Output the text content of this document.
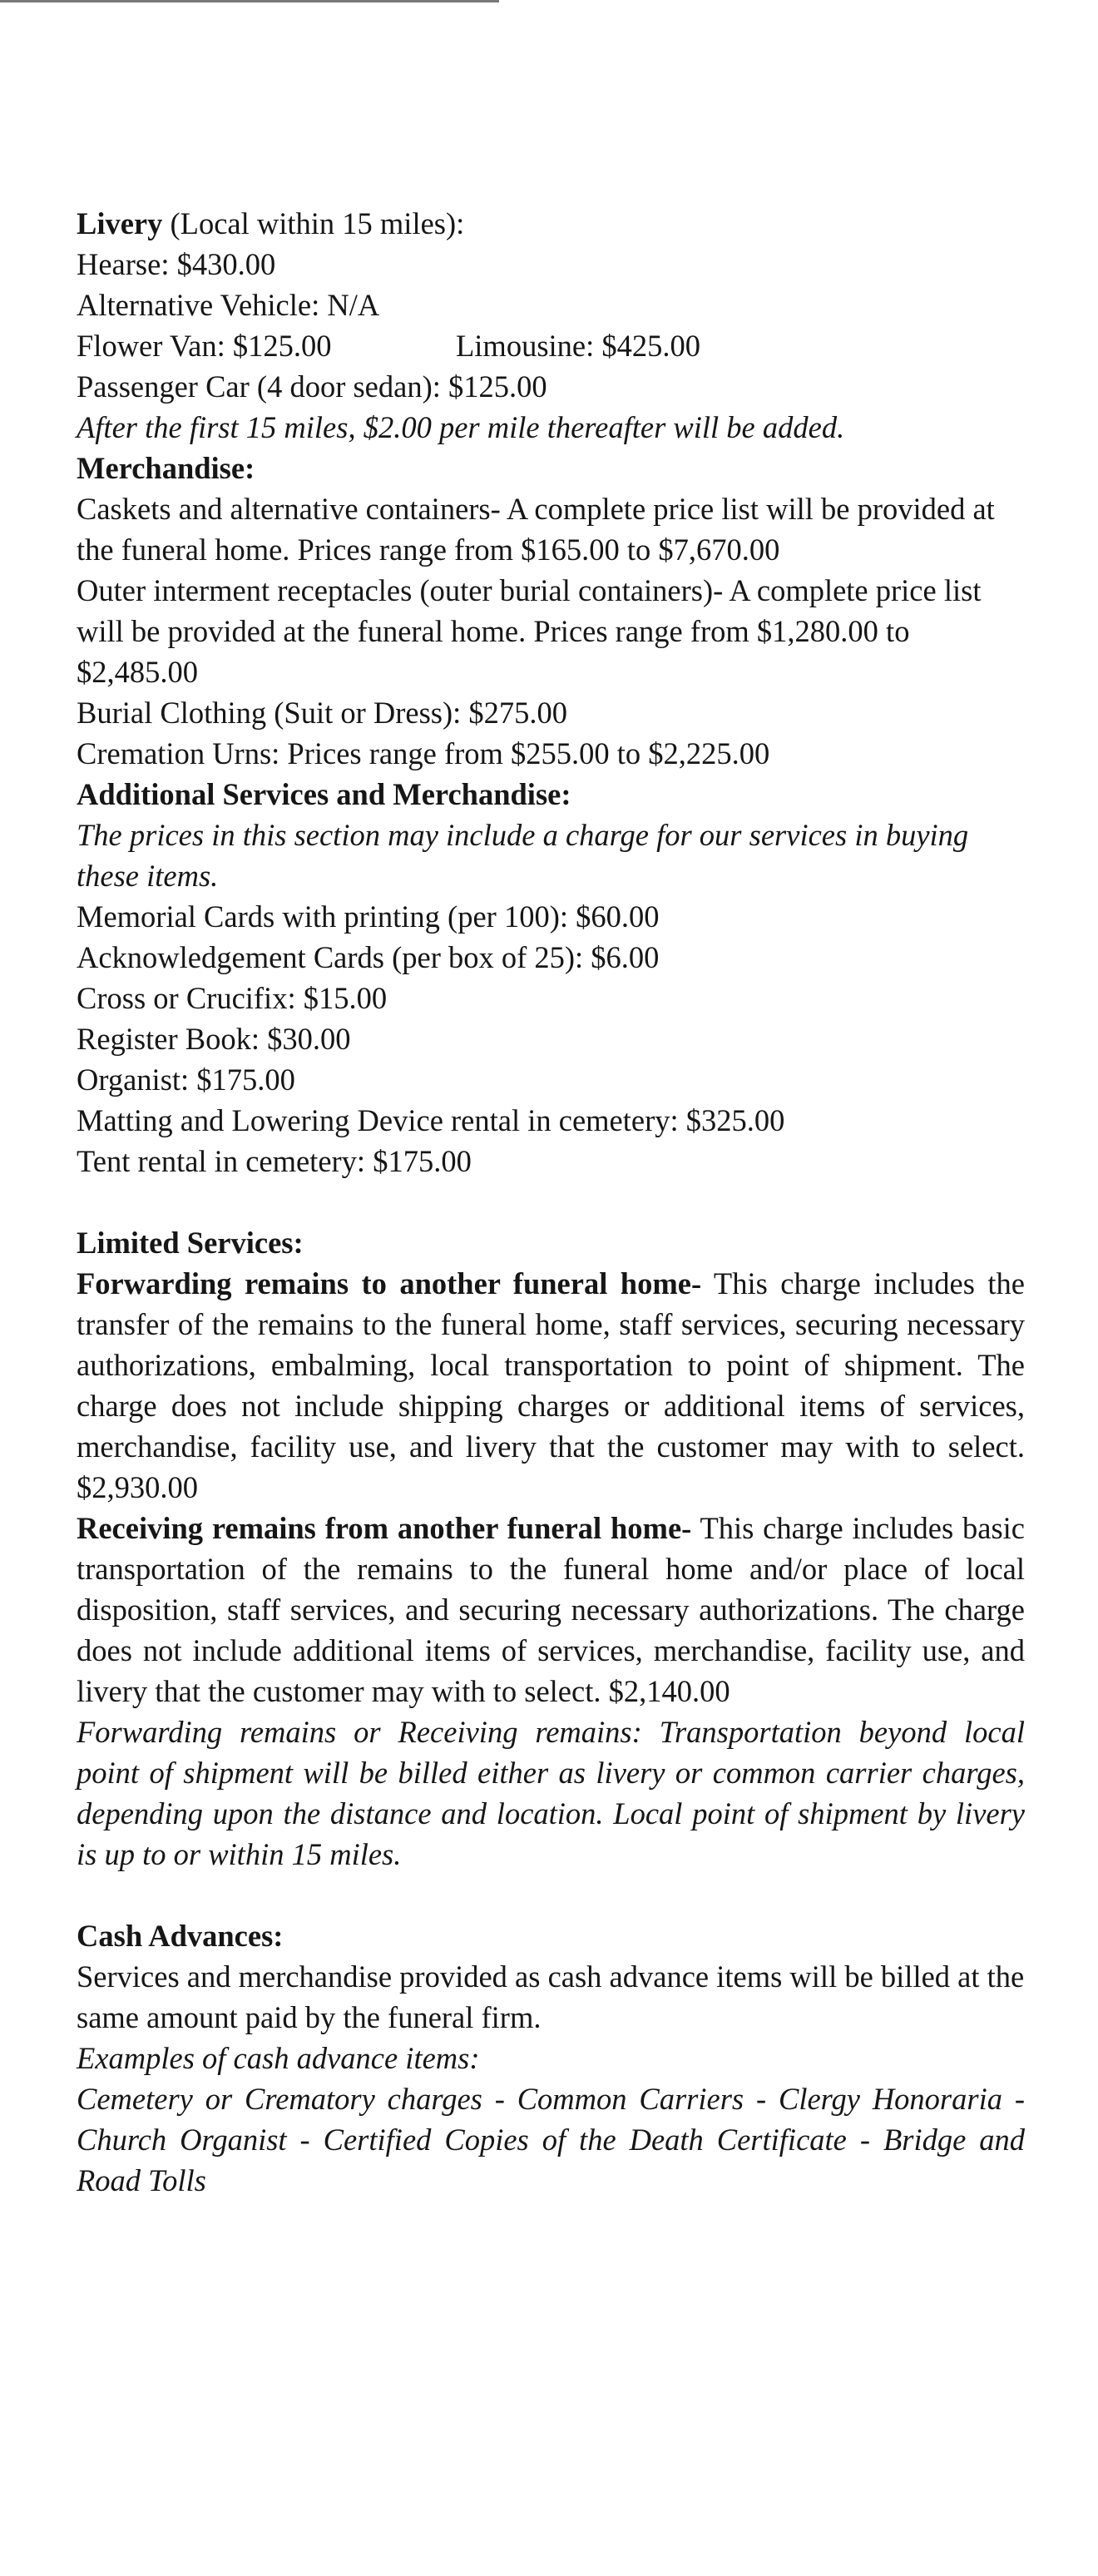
Livery (Local within 15 miles):

Hearse: $430.00

Alternative Vehicle: N/A

Flower Van: $125.00	Limousine: $425.00

Passenger Car (4 door sedan): $125.00

After the first 15 miles, $2.00 per mile thereafter will be added.

Merchandise:

Caskets and alternative containers- A complete price list will be provided at the funeral home. Prices range from $165.00 to $7,670.00

Outer interment receptacles (outer burial containers)- A complete price list will be provided at the funeral home. Prices range from $1,280.00 to $2,485.00

Burial Clothing (Suit or Dress): $275.00

Cremation Urns: Prices range from $255.00 to $2,225.00

Additional Services and Merchandise:

The prices in this section may include a charge for our services in buying these items.

Memorial Cards with printing (per 100): $60.00

Acknowledgement Cards (per box of 25): $6.00

Cross or Crucifix: $15.00

Register Book: $30.00

Organist: $175.00

Matting and Lowering Device rental in cemetery: $325.00

Tent rental in cemetery: $175.00

Limited Services:

Forwarding remains to another funeral home- This charge includes the transfer of the remains to the funeral home, staff services, securing necessary authorizations, embalming, local transportation to point of shipment. The charge does not include shipping charges or additional items of services, merchandise, facility use, and livery that the customer may with to select. $2,930.00

Receiving remains from another funeral home- This charge includes basic transportation of the remains to the funeral home and/or place of local disposition, staff services, and securing necessary authorizations. The charge does not include additional items of services, merchandise, facility use, and livery that the customer may with to select. $2,140.00

Forwarding remains or Receiving remains: Transportation beyond local point of shipment will be billed either as livery or common carrier charges, depending upon the distance and location. Local point of shipment by livery is up to or within 15 miles.

Cash Advances:

Services and merchandise provided as cash advance items will be billed at the same amount paid by the funeral firm.

Examples of cash advance items:

Cemetery or Crematory charges - Common Carriers - Clergy Honoraria - Church Organist - Certified Copies of the Death Certificate - Bridge and Road Tolls
